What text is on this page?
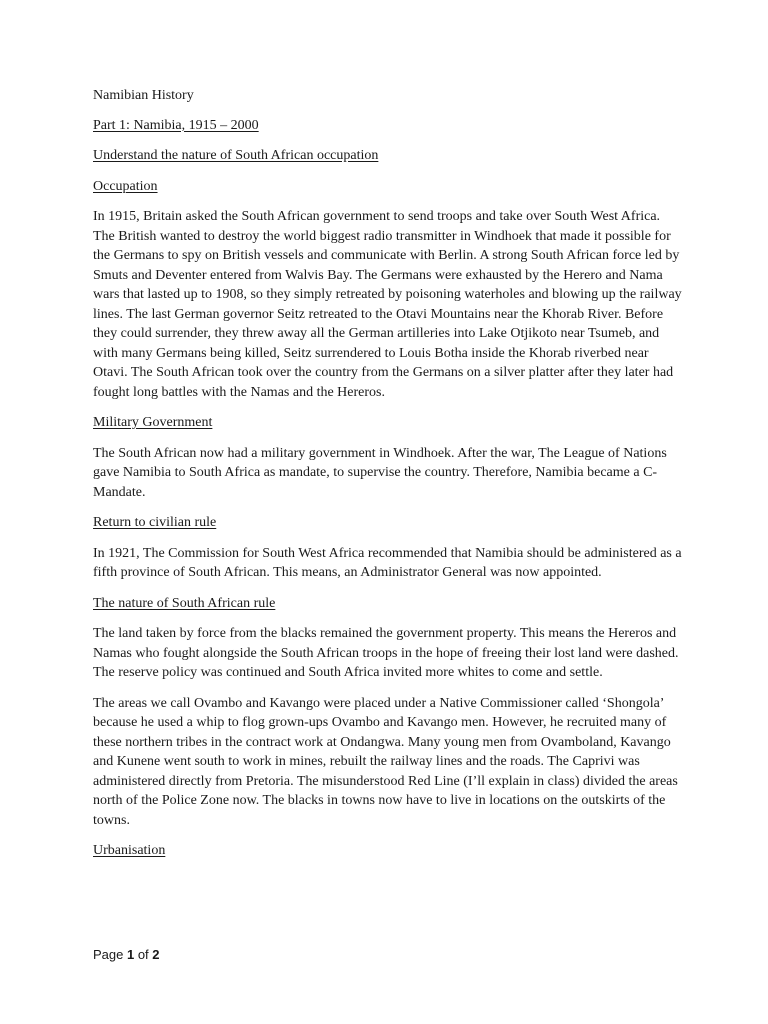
Namibian History

Part 1: Namibia, 1915 – 2000

Understand the nature of South African occupation

Occupation

In 1915, Britain asked the South African government to send troops and take over South West Africa. The British wanted to destroy the world biggest radio transmitter in Windhoek that made it possible for the Germans to spy on British vessels and communicate with Berlin. A strong South African force led by Smuts and Deventer entered from Walvis Bay. The Germans were exhausted by the Herero and Nama wars that lasted up to 1908, so they simply retreated by poisoning waterholes and blowing up the railway lines. The last German governor Seitz retreated to the Otavi Mountains near the Khorab River. Before they could surrender, they threw away all the German artilleries into Lake Otjikoto near Tsumeb, and with many Germans being killed, Seitz surrendered to Louis Botha inside the Khorab riverbed near Otavi. The South African took over the country from the Germans on a silver platter after they later had fought long battles with the Namas and the Hereros.

Military Government

The South African now had a military government in Windhoek. After the war, The League of Nations gave Namibia to South Africa as mandate, to supervise the country. Therefore, Namibia became a C-Mandate.

Return to civilian rule

In 1921, The Commission for South West Africa recommended that Namibia should be administered as a fifth province of South African. This means, an Administrator General was now appointed.

The nature of South African rule

The land taken by force from the blacks remained the government property. This means the Hereros and Namas who fought alongside the South African troops in the hope of freeing their lost land were dashed. The reserve policy was continued and South Africa invited more whites to come and settle.

The areas we call Ovambo and Kavango were placed under a Native Commissioner called ‘Shongola’ because he used a whip to flog grown-ups Ovambo and Kavango men. However, he recruited many of these northern tribes in the contract work at Ondangwa. Many young men from Ovamboland, Kavango and Kunene went south to work in mines, rebuilt the railway lines and the roads. The Caprivi was administered directly from Pretoria. The misunderstood Red Line (I’ll explain in class) divided the areas north of the Police Zone now. The blacks in towns now have to live in locations on the outskirts of the towns.

Urbanisation

Page 1 of 2
